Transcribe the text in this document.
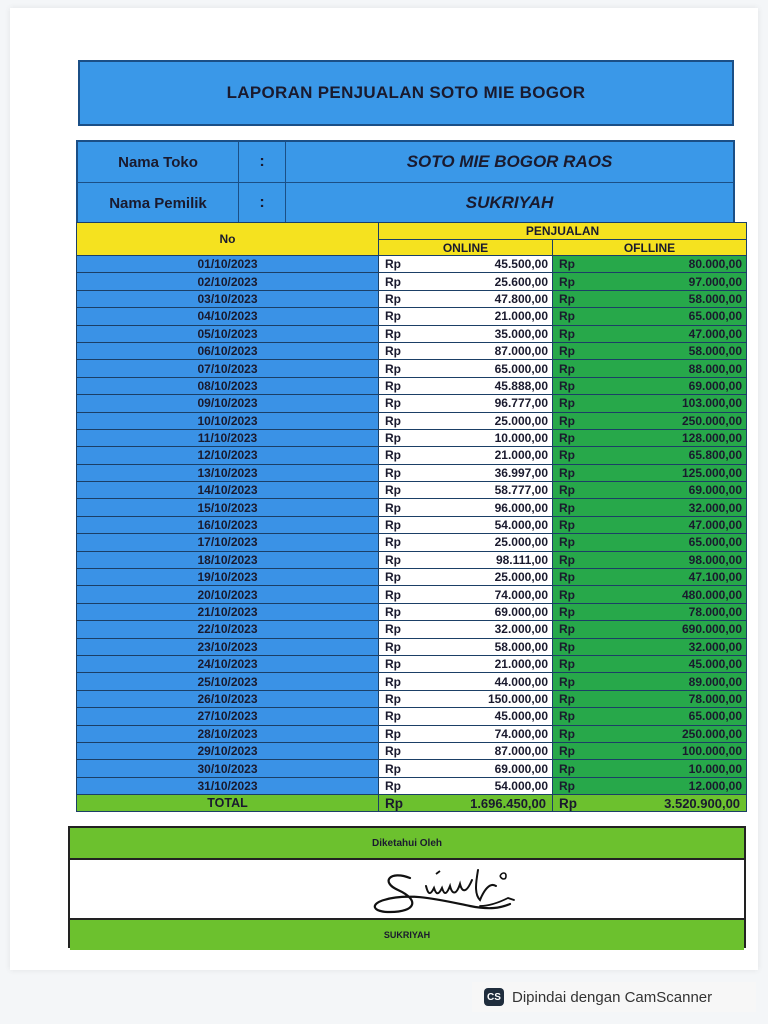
LAPORAN PENJUALAN SOTO MIE BOGOR
Nama Toko	:	SOTO MIE BOGOR RAOS
Nama Pemilik	:	SUKRIYAH
No	PENJUALAN			
	ONLINE		OFLLINE	
01/10/2023	Rp	45.500,00	Rp	80.000,00
02/10/2023	Rp	25.600,00	Rp	97.000,00
03/10/2023	Rp	47.800,00	Rp	58.000,00
04/10/2023	Rp	21.000,00	Rp	65.000,00
05/10/2023	Rp	35.000,00	Rp	47.000,00
06/10/2023	Rp	87.000,00	Rp	58.000,00
07/10/2023	Rp	65.000,00	Rp	88.000,00
08/10/2023	Rp	45.888,00	Rp	69.000,00
09/10/2023	Rp	96.777,00	Rp	103.000,00
10/10/2023	Rp	25.000,00	Rp	250.000,00
11/10/2023	Rp	10.000,00	Rp	128.000,00
12/10/2023	Rp	21.000,00	Rp	65.800,00
13/10/2023	Rp	36.997,00	Rp	125.000,00
14/10/2023	Rp	58.777,00	Rp	69.000,00
15/10/2023	Rp	96.000,00	Rp	32.000,00
16/10/2023	Rp	54.000,00	Rp	47.000,00
17/10/2023	Rp	25.000,00	Rp	65.000,00
18/10/2023	Rp	98.111,00	Rp	98.000,00
19/10/2023	Rp	25.000,00	Rp	47.100,00
20/10/2023	Rp	74.000,00	Rp	480.000,00
21/10/2023	Rp	69.000,00	Rp	78.000,00
22/10/2023	Rp	32.000,00	Rp	690.000,00
23/10/2023	Rp	58.000,00	Rp	32.000,00
24/10/2023	Rp	21.000,00	Rp	45.000,00
25/10/2023	Rp	44.000,00	Rp	89.000,00
26/10/2023	Rp	150.000,00	Rp	78.000,00
27/10/2023	Rp	45.000,00	Rp	65.000,00
28/10/2023	Rp	74.000,00	Rp	250.000,00
29/10/2023	Rp	87.000,00	Rp	100.000,00
30/10/2023	Rp	69.000,00	Rp	10.000,00
31/10/2023	Rp	54.000,00	Rp	12.000,00
TOTAL	Rp	1.696.450,00	Rp	3.520.900,00
Diketahui Oleh
SUKRIYAH
CS Dipindai dengan CamScanner
